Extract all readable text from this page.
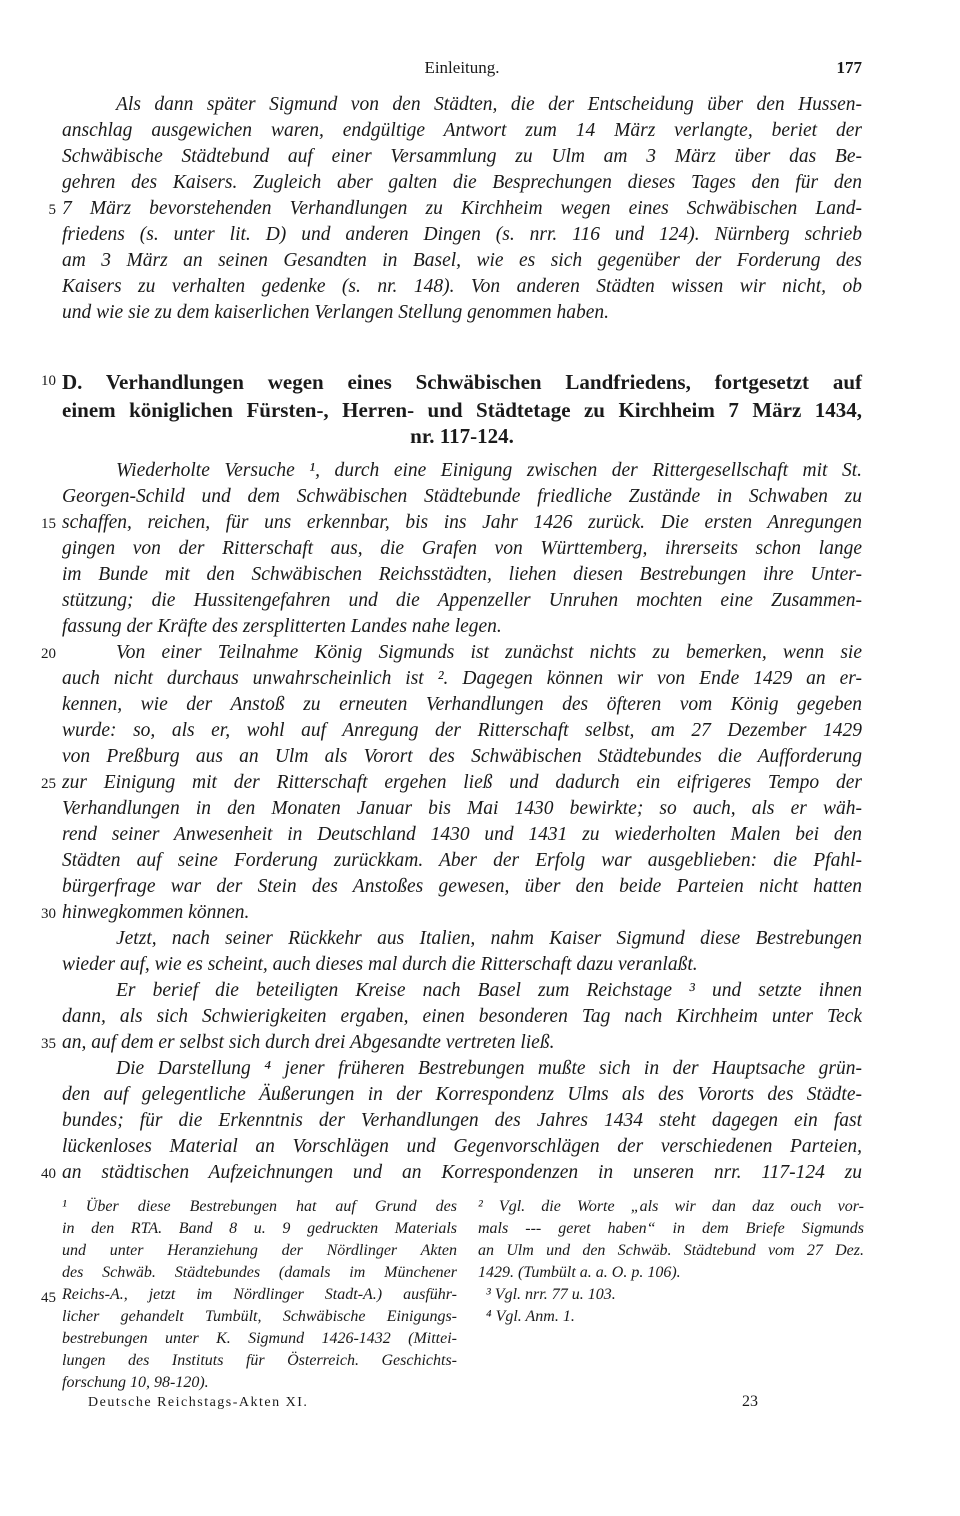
Einleitung.	177
Als dann später Sigmund von den Städten, die der Entscheidung über den Hussen-
anschlag ausgewichen waren, endgültige Antwort zum 14 März verlangte, beriet der
Schwäbische Städtebund auf einer Versammlung zu Ulm am 3 März über das Be-
gehren des Kaisers. Zugleich aber galten die Besprechungen dieses Tages den für den
7 März bevorstehenden Verhandlungen zu Kirchheim wegen eines Schwäbischen Land-
friedens (s. unter lit. D) und anderen Dingen (s. nrr. 116 und 124). Nürnberg schrieb
am 3 März an seinen Gesandten in Basel, wie es sich gegenüber der Forderung des
Kaisers zu verhalten gedenke (s. nr. 148). Von anderen Städten wissen wir nicht, ob
und wie sie zu dem kaiserlichen Verlangen Stellung genommen haben.
D. Verhandlungen wegen eines Schwäbischen Landfriedens, fortgesetzt auf
einem königlichen Fürsten-, Herren- und Städtetage zu Kirchheim 7 März 1434,
nr. 117-124.
Wiederholte Versuche ¹, durch eine Einigung zwischen der Rittergesellschaft mit St.
Georgen-Schild und dem Schwäbischen Städtebunde friedliche Zustände in Schwaben zu
schaffen, reichen, für uns erkennbar, bis ins Jahr 1426 zurück. Die ersten Anregungen
gingen von der Ritterschaft aus, die Grafen von Württemberg, ihrerseits schon lange
im Bunde mit den Schwäbischen Reichsstädten, liehen diesen Bestrebungen ihre Unter-
stützung; die Hussitengefahren und die Appenzeller Unruhen mochten eine Zusammen-
fassung der Kräfte des zersplitterten Landes nahe legen.
Von einer Teilnahme König Sigmunds ist zunächst nichts zu bemerken, wenn sie
auch nicht durchaus unwahrscheinlich ist ². Dagegen können wir von Ende 1429 an er-
kennen, wie der Anstoß zu erneuten Verhandlungen des öfteren vom König gegeben
wurde: so, als er, wohl auf Anregung der Ritterschaft selbst, am 27 Dezember 1429
von Preßburg aus an Ulm als Vorort des Schwäbischen Städtebundes die Aufforderung
zur Einigung mit der Ritterschaft ergehen ließ und dadurch ein eifrigeres Tempo der
Verhandlungen in den Monaten Januar bis Mai 1430 bewirkte; so auch, als er wäh-
rend seiner Anwesenheit in Deutschland 1430 und 1431 zu wiederholten Malen bei den
Städten auf seine Forderung zurückkam. Aber der Erfolg war ausgeblieben: die Pfahl-
bürgerfrage war der Stein des Anstoßes gewesen, über den beide Parteien nicht hatten
hinwegkommen können.
Jetzt, nach seiner Rückkehr aus Italien, nahm Kaiser Sigmund diese Bestrebungen
wieder auf, wie es scheint, auch dieses mal durch die Ritterschaft dazu veranlaßt.
Er berief die beteiligten Kreise nach Basel zum Reichstage ³ und setzte ihnen
dann, als sich Schwierigkeiten ergaben, einen besonderen Tag nach Kirchheim unter Teck
an, auf dem er selbst sich durch drei Abgesandte vertreten ließ.
Die Darstellung ⁴ jener früheren Bestrebungen mußte sich in der Hauptsache grün-
den auf gelegentliche Äußerungen in der Korrespondenz Ulms als des Vororts des Städte-
bundes; für die Erkenntnis der Verhandlungen des Jahres 1434 steht dagegen ein fast
lückenloses Material an Vorschlägen und Gegenvorschlägen der verschiedenen Parteien,
an städtischen Aufzeichnungen und an Korrespondenzen in unseren nrr. 117-124 zu
5
10
15
20
25
30
35
40
45
¹ Über diese Bestrebungen hat auf Grund des
in den RTA. Band 8 u. 9 gedruckten Materials
und unter Heranziehung der Nördlinger Akten
des Schwäb. Städtebundes (damals im Münchener
Reichs-A., jetzt im Nördlinger Stadt-A.) ausführ-
licher gehandelt Tumbült, Schwäbische Einigungs-
bestrebungen unter K. Sigmund 1426-1432 (Mittei-
lungen des Instituts für Österreich. Geschichts-
forschung 10, 98-120).
² Vgl. die Worte „als wir dan daz ouch vor-
mals --- geret haben“ in dem Briefe Sigmunds
an Ulm und den Schwäb. Städtebund vom 27 Dez.
1429. (Tumbült a. a. O. p. 106).
³ Vgl. nrr. 77 u. 103.
⁴ Vgl. Anm. 1.
Deutsche Reichstags-Akten XI.	23
